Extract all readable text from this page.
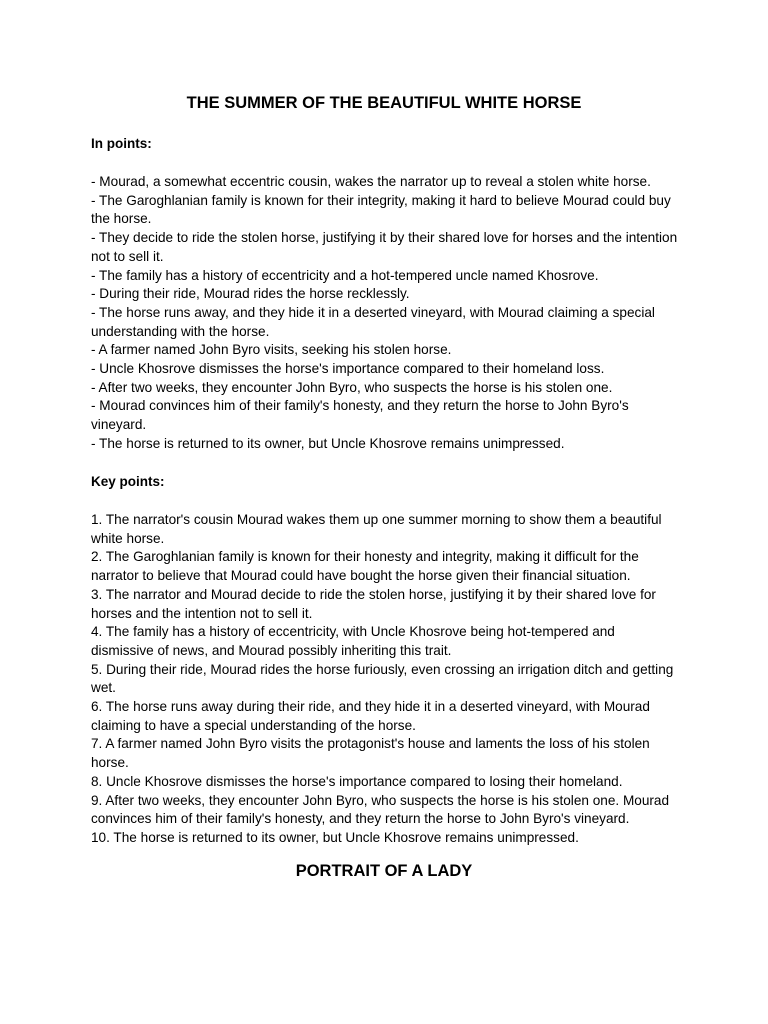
THE SUMMER OF THE BEAUTIFUL WHITE HORSE
In points:
- Mourad, a somewhat eccentric cousin, wakes the narrator up to reveal a stolen white horse.
- The Garoghlanian family is known for their integrity, making it hard to believe Mourad could buy the horse.
- They decide to ride the stolen horse, justifying it by their shared love for horses and the intention not to sell it.
- The family has a history of eccentricity and a hot-tempered uncle named Khosrove.
- During their ride, Mourad rides the horse recklessly.
- The horse runs away, and they hide it in a deserted vineyard, with Mourad claiming a special understanding with the horse.
- A farmer named John Byro visits, seeking his stolen horse.
- Uncle Khosrove dismisses the horse's importance compared to their homeland loss.
- After two weeks, they encounter John Byro, who suspects the horse is his stolen one.
- Mourad convinces him of their family's honesty, and they return the horse to John Byro's vineyard.
- The horse is returned to its owner, but Uncle Khosrove remains unimpressed.
Key points:
1. The narrator's cousin Mourad wakes them up one summer morning to show them a beautiful white horse.
2. The Garoghlanian family is known for their honesty and integrity, making it difficult for the narrator to believe that Mourad could have bought the horse given their financial situation.
3. The narrator and Mourad decide to ride the stolen horse, justifying it by their shared love for horses and the intention not to sell it.
4. The family has a history of eccentricity, with Uncle Khosrove being hot-tempered and dismissive of news, and Mourad possibly inheriting this trait.
5. During their ride, Mourad rides the horse furiously, even crossing an irrigation ditch and getting wet.
6. The horse runs away during their ride, and they hide it in a deserted vineyard, with Mourad claiming to have a special understanding of the horse.
7. A farmer named John Byro visits the protagonist's house and laments the loss of his stolen horse.
8. Uncle Khosrove dismisses the horse's importance compared to losing their homeland.
9. After two weeks, they encounter John Byro, who suspects the horse is his stolen one. Mourad convinces him of their family's honesty, and they return the horse to John Byro's vineyard.
10. The horse is returned to its owner, but Uncle Khosrove remains unimpressed.
PORTRAIT OF A LADY
